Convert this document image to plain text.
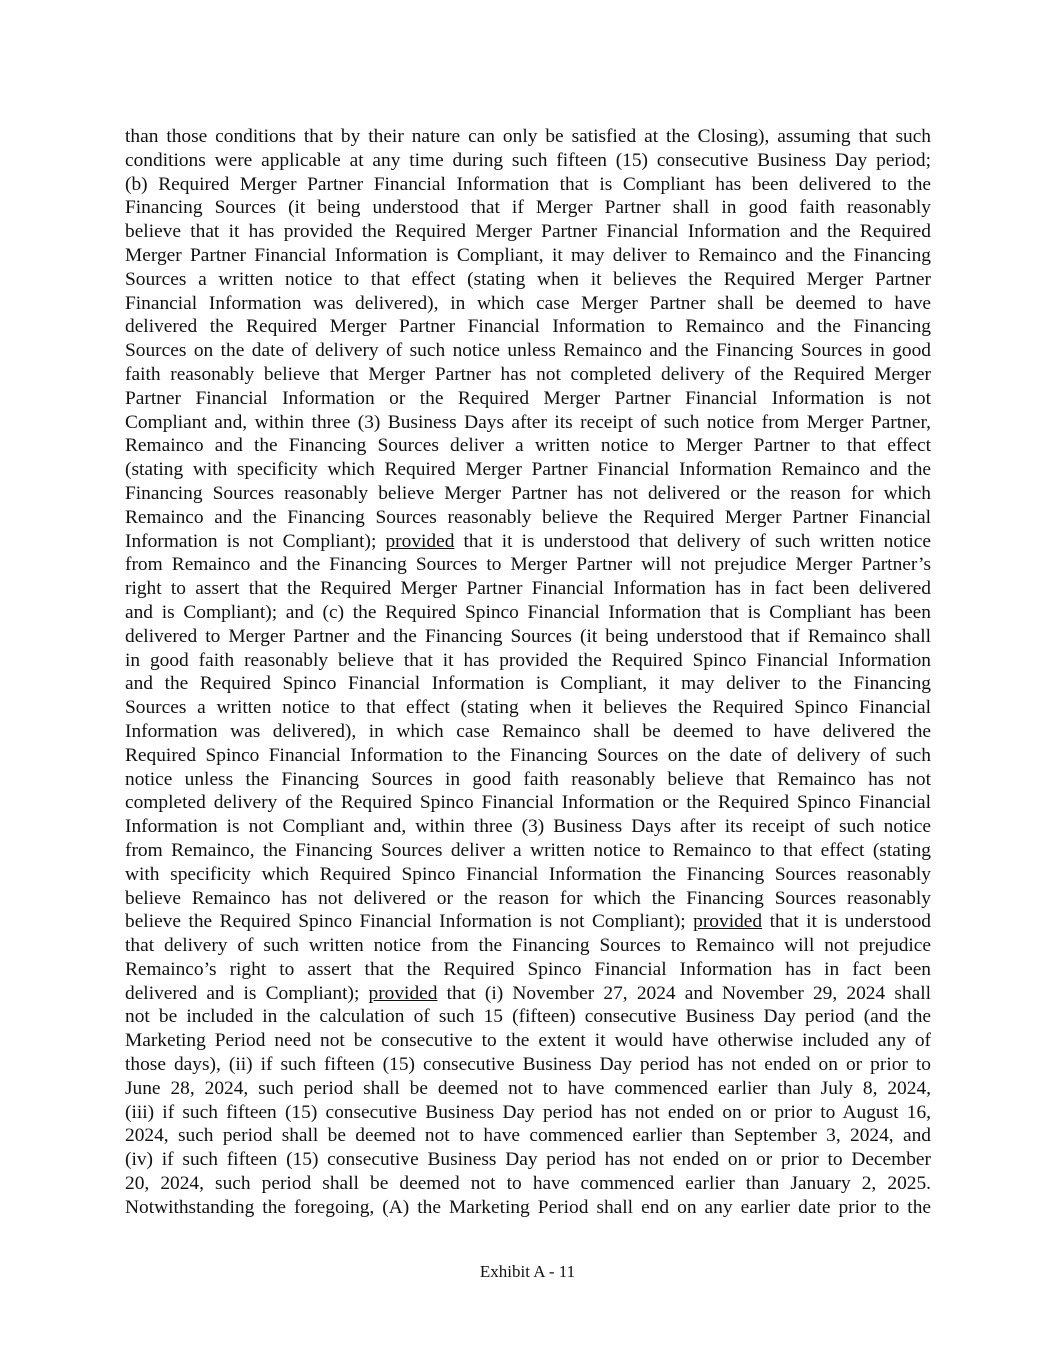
than those conditions that by their nature can only be satisfied at the Closing), assuming that such
conditions were applicable at any time during such fifteen (15) consecutive Business Day period;
(b) Required Merger Partner Financial Information that is Compliant has been delivered to the
Financing Sources (it being understood that if Merger Partner shall in good faith reasonably
believe that it has provided the Required Merger Partner Financial Information and the Required
Merger Partner Financial Information is Compliant, it may deliver to Remainco and the Financing
Sources a written notice to that effect (stating when it believes the Required Merger Partner
Financial Information was delivered), in which case Merger Partner shall be deemed to have
delivered the Required Merger Partner Financial Information to Remainco and the Financing
Sources on the date of delivery of such notice unless Remainco and the Financing Sources in good
faith reasonably believe that Merger Partner has not completed delivery of the Required Merger
Partner Financial Information or the Required Merger Partner Financial Information is not
Compliant and, within three (3) Business Days after its receipt of such notice from Merger Partner,
Remainco and the Financing Sources deliver a written notice to Merger Partner to that effect
(stating with specificity which Required Merger Partner Financial Information Remainco and the
Financing Sources reasonably believe Merger Partner has not delivered or the reason for which
Remainco and the Financing Sources reasonably believe the Required Merger Partner Financial
Information is not Compliant); provided that it is understood that delivery of such written notice
from Remainco and the Financing Sources to Merger Partner will not prejudice Merger Partner’s
right to assert that the Required Merger Partner Financial Information has in fact been delivered
and is Compliant); and (c) the Required Spinco Financial Information that is Compliant has been
delivered to Merger Partner and the Financing Sources (it being understood that if Remainco shall
in good faith reasonably believe that it has provided the Required Spinco Financial Information
and the Required Spinco Financial Information is Compliant, it may deliver to the Financing
Sources a written notice to that effect (stating when it believes the Required Spinco Financial
Information was delivered), in which case Remainco shall be deemed to have delivered the
Required Spinco Financial Information to the Financing Sources on the date of delivery of such
notice unless the Financing Sources in good faith reasonably believe that Remainco has not
completed delivery of the Required Spinco Financial Information or the Required Spinco Financial
Information is not Compliant and, within three (3) Business Days after its receipt of such notice
from Remainco, the Financing Sources deliver a written notice to Remainco to that effect (stating
with specificity which Required Spinco Financial Information the Financing Sources reasonably
believe Remainco has not delivered or the reason for which the Financing Sources reasonably
believe the Required Spinco Financial Information is not Compliant); provided that it is understood
that delivery of such written notice from the Financing Sources to Remainco will not prejudice
Remainco’s right to assert that the Required Spinco Financial Information has in fact been
delivered and is Compliant); provided that (i) November 27, 2024 and November 29, 2024 shall
not be included in the calculation of such 15 (fifteen) consecutive Business Day period (and the
Marketing Period need not be consecutive to the extent it would have otherwise included any of
those days), (ii) if such fifteen (15) consecutive Business Day period has not ended on or prior to
June 28, 2024, such period shall be deemed not to have commenced earlier than July 8, 2024,
(iii) if such fifteen (15) consecutive Business Day period has not ended on or prior to August 16,
2024, such period shall be deemed not to have commenced earlier than September 3, 2024, and
(iv) if such fifteen (15) consecutive Business Day period has not ended on or prior to December
20, 2024, such period shall be deemed not to have commenced earlier than January 2, 2025.
Notwithstanding the foregoing, (A) the Marketing Period shall end on any earlier date prior to the
Exhibit A - 11
